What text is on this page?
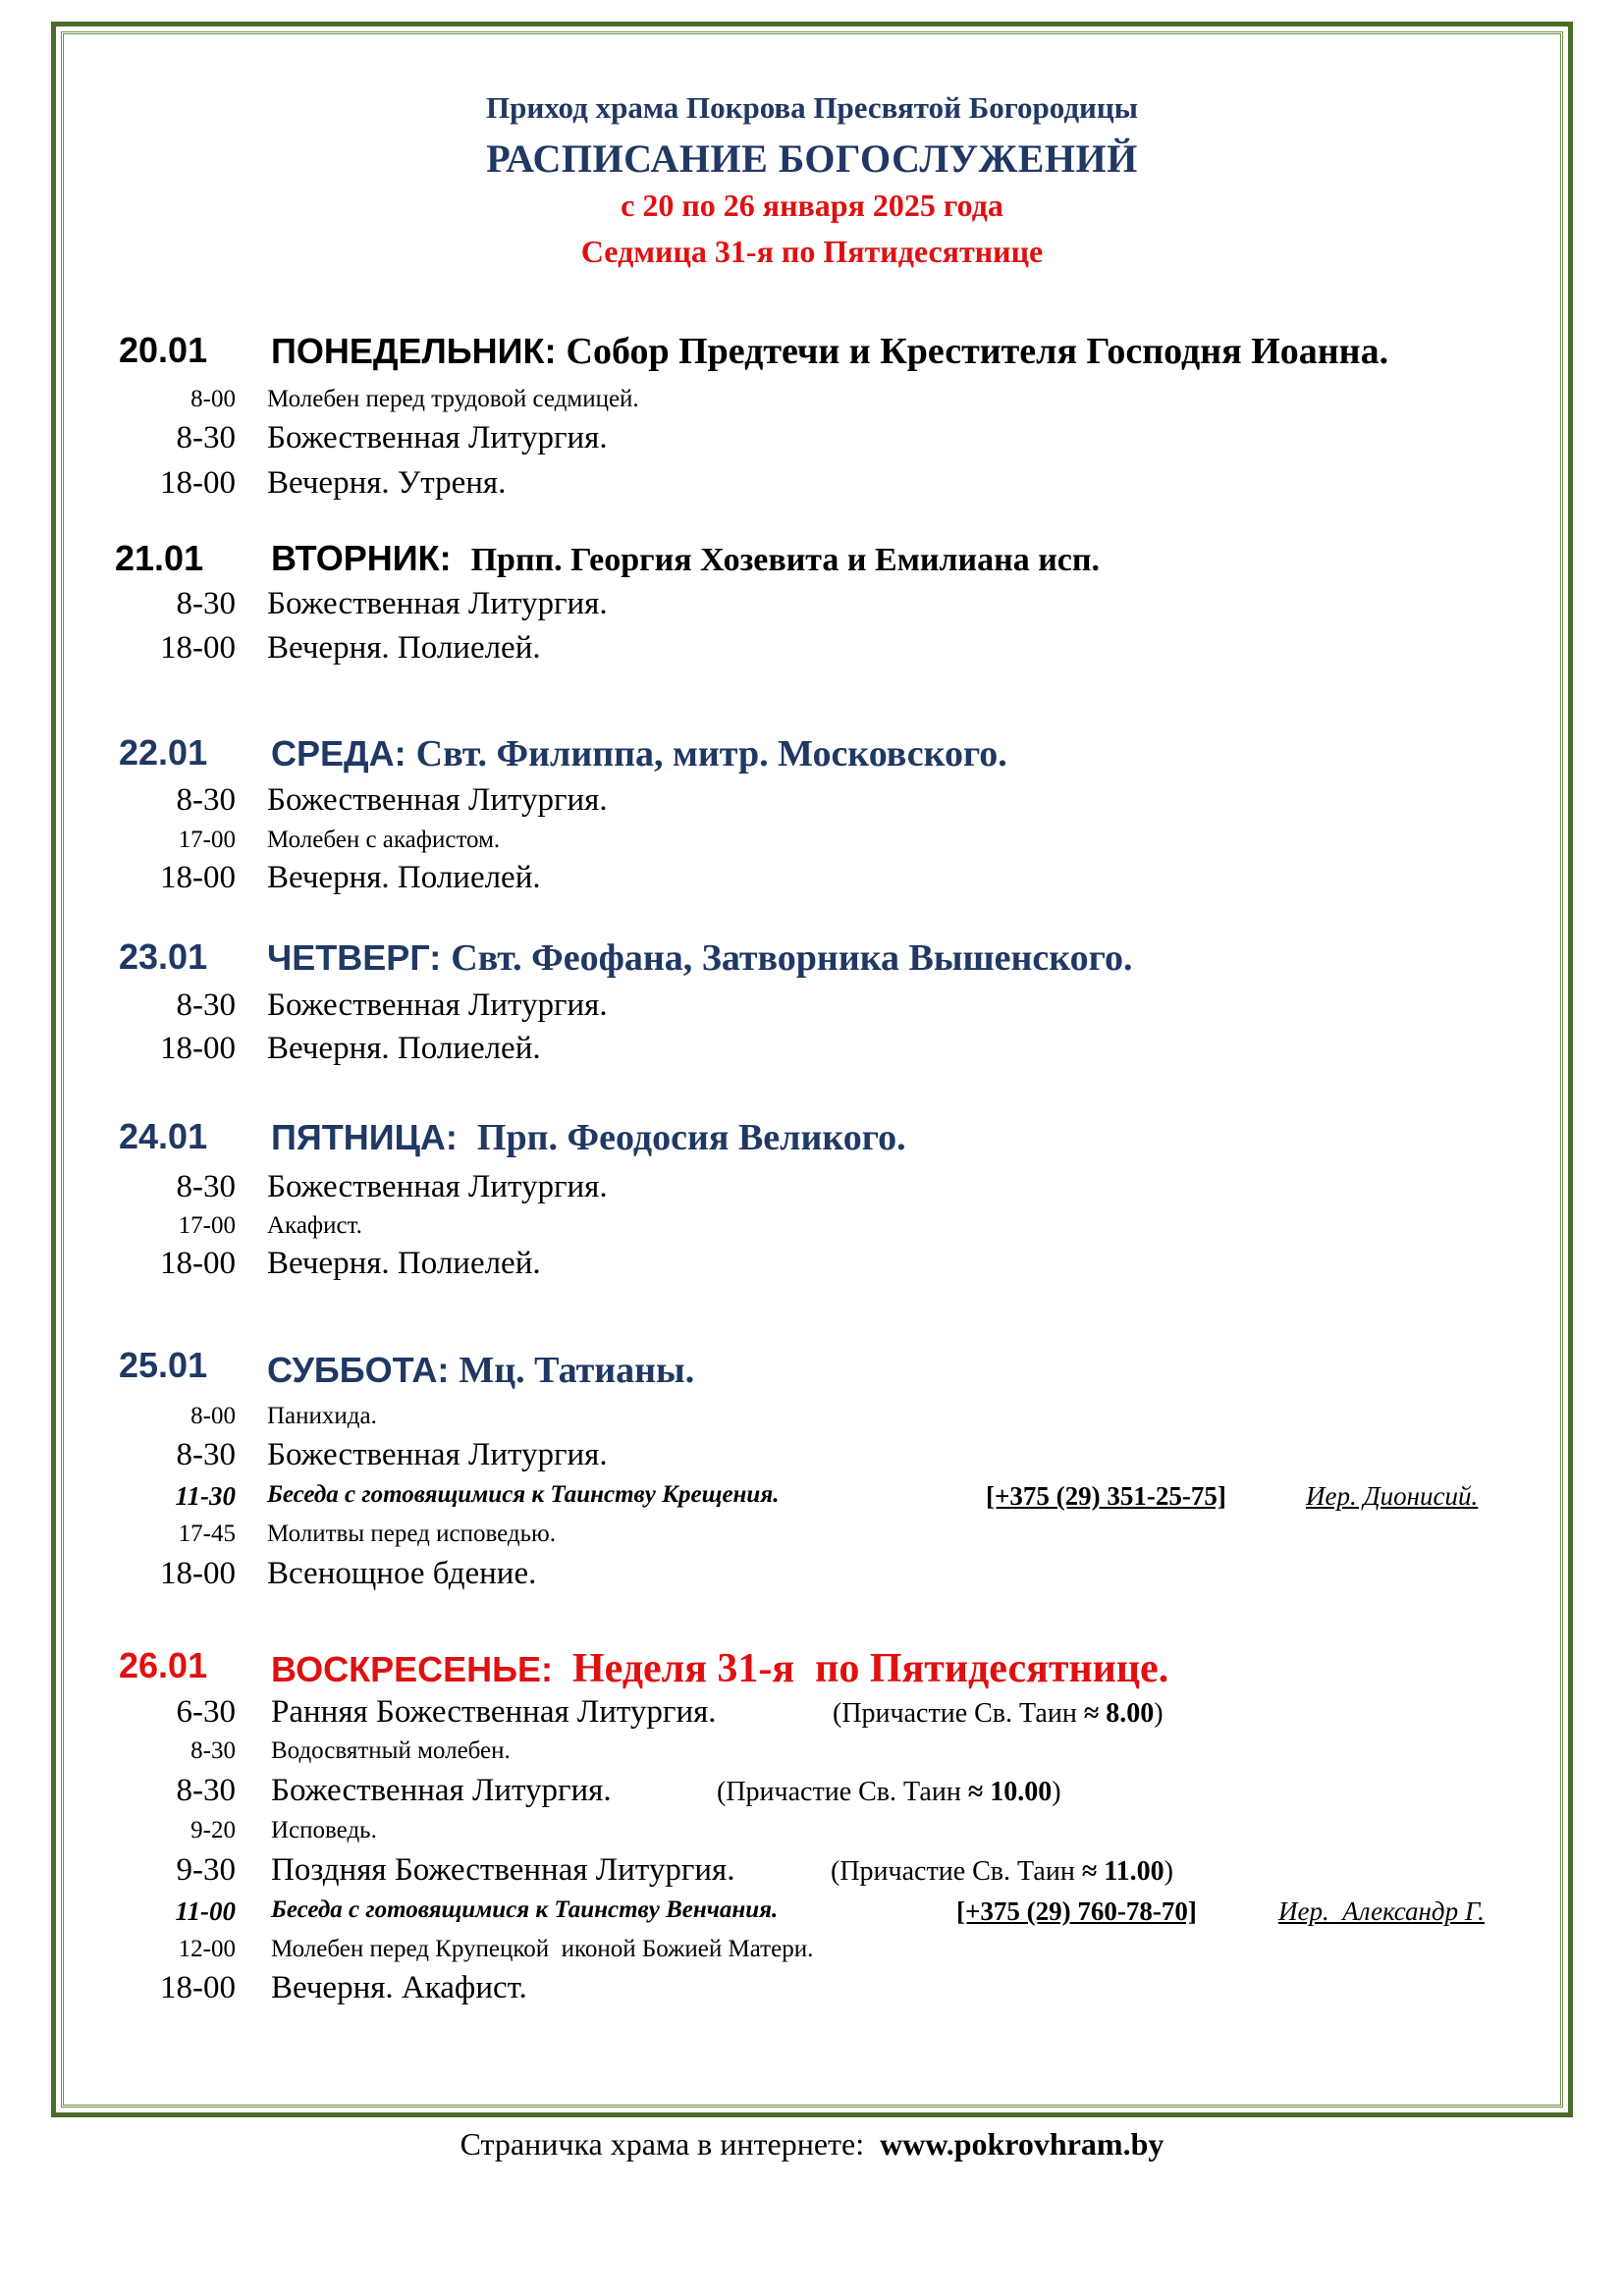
Приход храма Покрова Пресвятой Богородицы
РАСПИСАНИЕ БОГОСЛУЖЕНИЙ
с 20 по 26 января 2025 года
Седмица 31-я по Пятидесятнице
20.01 ПОНЕДЕЛЬНИК: Собор Предтечи и Крестителя Господня Иоанна.
8-00 Молебен перед трудовой седмицей.
8-30 Божественная Литургия.
18-00 Вечерня. Утреня.
21.01 ВТОРНИК: Прпп. Георгия Хозевита и Емилиана исп.
8-30 Божественная Литургия.
18-00 Вечерня. Полиелей.
22.01 СРЕДА: Свт. Филиппа, митр. Московского.
8-30 Божественная Литургия.
17-00 Молебен с акафистом.
18-00 Вечерня. Полиелей.
23.01 ЧЕТВЕРГ: Свт. Феофана, Затворника Вышенского.
8-30 Божественная Литургия.
18-00 Вечерня. Полиелей.
24.01 ПЯТНИЦА: Прп. Феодосия Великого.
8-30 Божественная Литургия.
17-00 Акафист.
18-00 Вечерня. Полиелей.
25.01 СУББОТА: Мц. Татианы.
8-00 Панихида.
8-30 Божественная Литургия.
11-30 Беседа с готовящимися к Таинству Крещения.	[+375 (29) 351-25-75]	Иер. Дионисий.
17-45 Молитвы перед исповедью.
18-00 Всенощное бдение.
26.01 ВОСКРЕСЕНЬЕ: Неделя 31-я  по Пятидесятнице.
6-30 Ранняя Божественная Литургия.	(Причастие Св. Таин ≈ 8.00)
8-30 Водосвятный молебен.
8-30 Божественная Литургия.	(Причастие Св. Таин ≈ 10.00)
9-20 Исповедь.
9-30 Поздняя Божественная Литургия.	(Причастие Св. Таин ≈ 11.00)
11-00 Беседа с готовящимися к Таинству Венчания.	[+375 (29) 760-78-70]	Иер.  Александр Г.
12-00 Молебен перед Крупецкой  иконой Божией Матери.
18-00 Вечерня. Акафист.
Страничка храма в интернете:  www.pokrovhram.by
